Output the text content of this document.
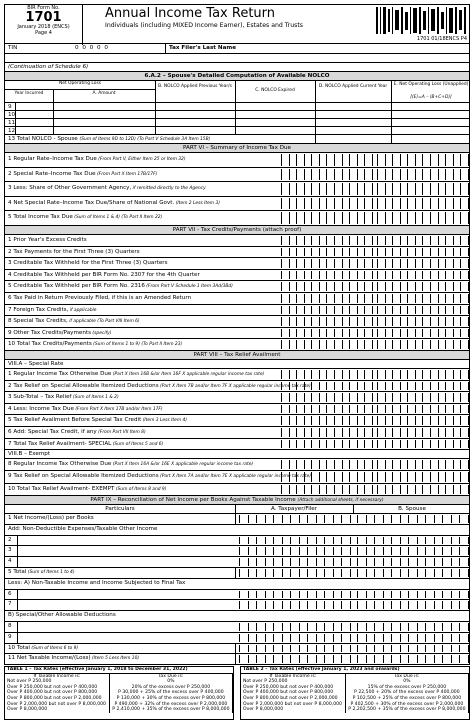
BIR Form No.
1701
January 2018 (ENCS)
Page 4
Annual Income Tax Return
Individuals (including MIXED Income Earner), Estates and Trusts
1701 01/18ENCS P4
TIN	0 0 0 0 0	Tax Filer's Last Name
(Continuation of Schedule 6)
6.A.2 – Spouse's Detailed Computation of Available NOLCO
Net Operating Loss
Year Incurred	A. Amount
B. NOLCO Applied Previous Year/s
C. NOLCO Expired
D. NOLCO Applied Current Year	E. Net Operating Loss (Unapplied)
[(E)=A – (B+C+D)]
9
10
11
12
13 Total NOLCO - Spouse (Sum of Items 9D to 12D) (To Part V Schedule 3A Item 15B)
PART VI – Summary of Income Tax Due
1 Regular Rate–Income Tax Due (From Part V, Either Item 25 or Item 32)
2 Special Rate–Income Tax Due (From Part X Item 17B/17F)
3 Less: Share of Other Government Agency, if remitted directly to the Agency
4 Net Special Rate–Income Tax Due/Share of National Govt. (Item 2 Less Item 3)
5 Total Income Tax Due (Sum of Items 1 & 4) (To Part II Item 22)
PART VII - Tax Credits/Payments (attach proof)
1 Prior Year's Excess Credits
2 Tax Payments for the First Three (3) Quarters
3 Creditable Tax Withheld for the First Three (3) Quarters
4 Creditable Tax Withheld per BIR Form No. 2307 for the 4th Quarter
5 Creditable Tax Withheld per BIR Form No. 2316 (From Part V Schedule 1 Item 3Ad/3Bd)
6 Tax Paid in Return Previously Filed, if this is an Amended Return
7 Foreign Tax Credits, if applicable
8 Special Tax Credits, if applicable (To Part VIII Item 6)
9 Other Tax Credits/Payments (specify)
10 Total Tax Credits/Payments (Sum of Items 1 to 9) (To Part II Item 23)
PART VIII – Tax Relief Availment
VIII.A – Special Rate
1 Regular Income Tax Otherwise Due (Part X Item 16B &/or Item 16F X applicable regular income tax rate)
2 Tax Relief on Special Allowable Itemized Deductions (Part X Item 7B and/or Item 7F X applicable regular income tax rate)
3 Sub-Total – Tax Relief (Sum of Items 1 & 2)
4 Less: Income Tax Due (From Part X Item 17B and/or Item 17F)
5 Tax Relief Availment Before Special Tax Credit (Item 3 Less Item 4)
6 Add: Special Tax Credit, if any (From Part VII Item 8)
7 Total Tax Relief Availment- SPECIAL (Sum of Items 5 and 6)
VIII.B – Exempt
8 Regular Income Tax Otherwise Due (Part X Item 16A &/or 16E X applicable regular income tax rate)
9 Tax Relief on Special Allowable Itemized Deductions (Part X Item 7A and/or Item 7E X applicable regular income tax rate)
10 Total Tax Relief Availment- EXEMPT (Sum of Items 8 and 9)
PART IX – Reconciliation of Net Income per Books Against Taxable Income (Attach additional sheets, if necessary)
Particulars	A. Taxpayer/Filer	B. Spouse
1 Net Income/(Loss) per Books
Add: Non-Deductible Expenses/Taxable Other Income
2
3
4
5 Total (Sum of Items 1 to 4)
Less: A) Non-Taxable Income and Income Subjected to Final Tax
6
7
B) Special/Other Allowable Deductions
8
9
10 Total (Sum of Items 6 to 9)
11 Net Taxable Income/(Loss) (Item 5 Less Item 10)
TABLE 1 – Tax Rates (effective January 1, 2018 to December 31, 2022)
If Taxable Income is:	Tax Due is:
Not over P 250,000	0%
Over P 250,000 but not over P 400,000	20% of the excess over P 250,000
Over P 400,000 but not over P 800,000	P 30,000 + 25% of the excess over P 400,000
Over P 800,000 but not over P 2,000,000	P 130,000 + 30% of the excess over P 800,000
Over P 2,000,000 but not over P 8,000,000	P 490,000 + 32% of the excess over P 2,000,000
Over P 8,000,000	P 2,410,000 + 35% of the excess over P 8,000,000
TABLE 2 – Tax Rates (effective January 1, 2023 and onwards)
If Taxable Income is:	Tax Due is:
Not over P 250,000	0%
Over P 250,000 but not over P 400,000	15% of the excess over P 250,000
Over P 400,000 but not over P 800,000	P 22,500 + 20% of the excess over P 400,000
Over P 800,000 but not over P 2,000,000	P 102,500 + 25% of the excess over P 800,000
Over P 2,000,000 but not over P 8,000,000	P 402,500 + 30% of the excess over P 2,000,000
Over P 8,000,000	P 2,202,500 + 35% of the excess over P 8,000,000
